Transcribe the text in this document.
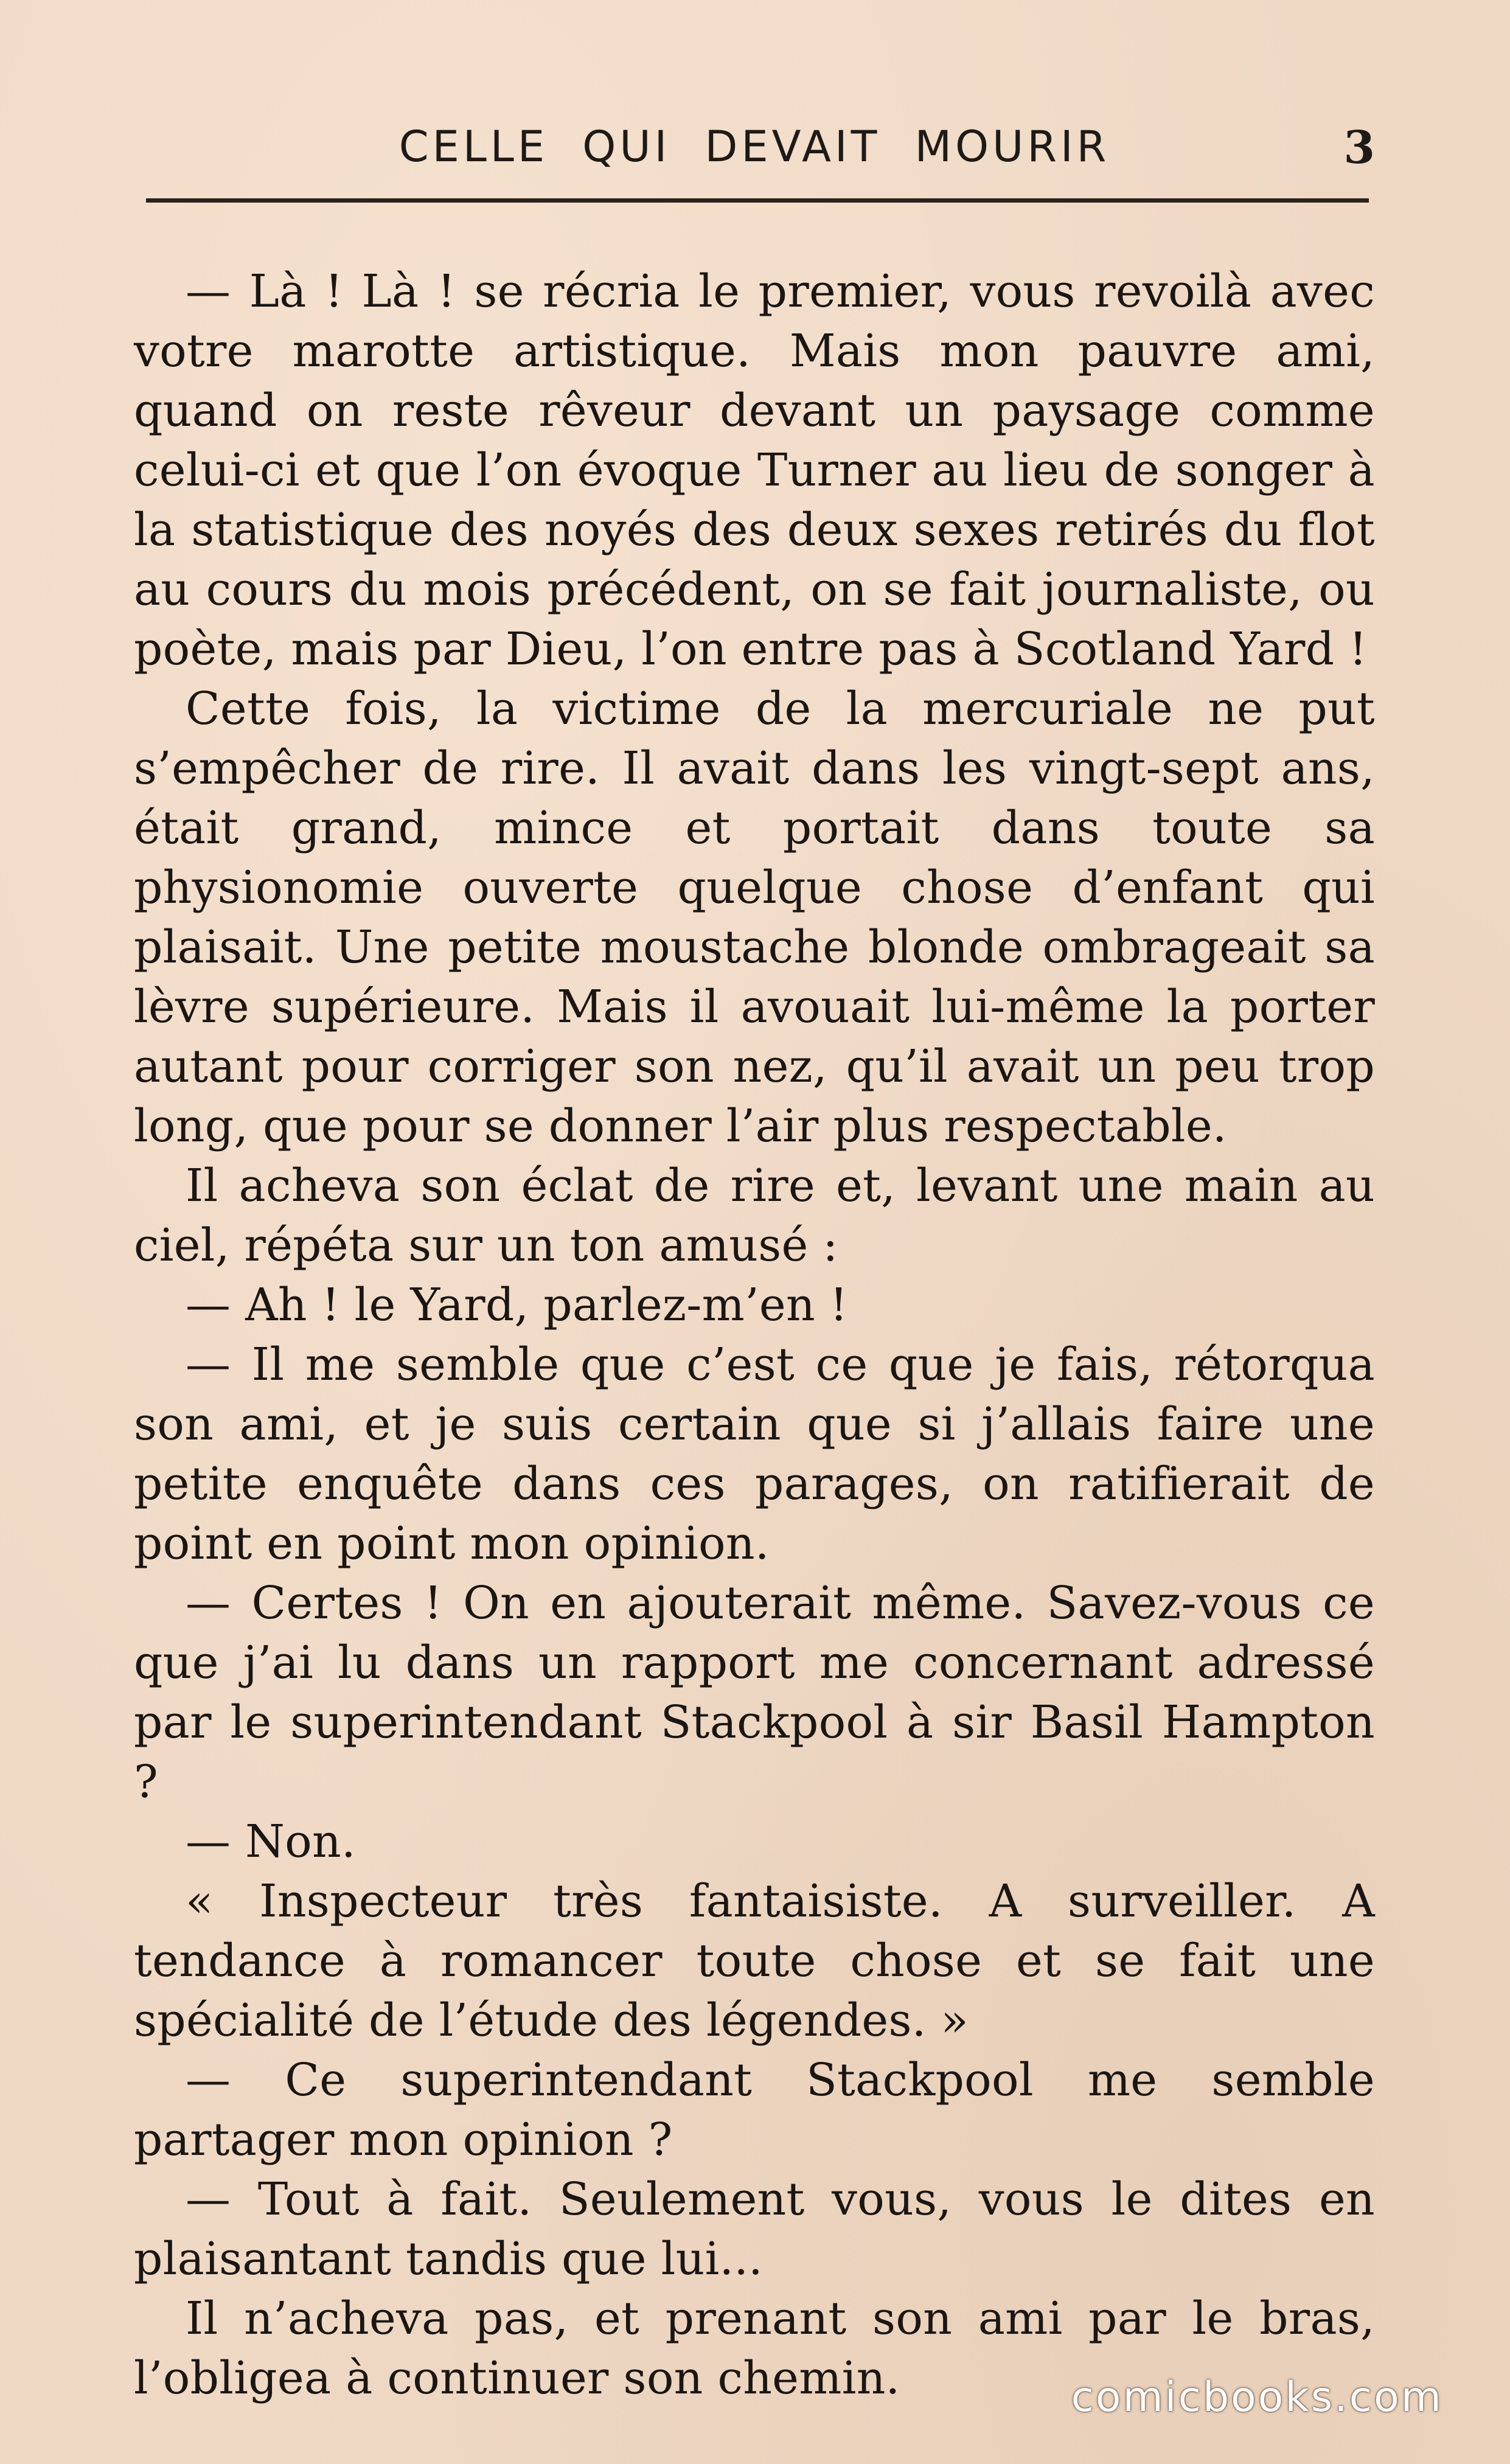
CELLE QUI DEVAIT MOURIR	3

— Là ! Là ! se récria le premier, vous revoilà avec votre marotte artistique. Mais mon pauvre ami, quand on reste rêveur devant un paysage comme celui-ci et que l’on évoque Turner au lieu de songer à la statistique des noyés des deux sexes retirés du flot au cours du mois précédent, on se fait journaliste, ou poète, mais par Dieu, l’on entre pas à Scotland Yard !

Cette fois, la victime de la mercuriale ne put s’empêcher de rire. Il avait dans les vingt-sept ans, était grand, mince et portait dans toute sa physionomie ouverte quelque chose d’enfant qui plaisait. Une petite moustache blonde ombrageait sa lèvre supérieure. Mais il avouait lui-même la porter autant pour corriger son nez, qu’il avait un peu trop long, que pour se donner l’air plus respectable.

Il acheva son éclat de rire et, levant une main au ciel, répéta sur un ton amusé :

— Ah ! le Yard, parlez-m’en !

— Il me semble que c’est ce que je fais, rétorqua son ami, et je suis certain que si j’allais faire une petite enquête dans ces parages, on ratifierait de point en point mon opinion.

— Certes ! On en ajouterait même. Savez-vous ce que j’ai lu dans un rapport me concernant adressé par le superintendant Stackpool à sir Basil Hampton ?

— Non.

« Inspecteur très fantaisiste. A surveiller. A tendance à romancer toute chose et se fait une spécialité de l’étude des légendes. »

— Ce superintendant Stackpool me semble partager mon opinion ?

— Tout à fait. Seulement vous, vous le dites en plaisantant tandis que lui...

Il n’acheva pas, et prenant son ami par le bras, l’obligea à continuer son chemin.	comicbooks.com
